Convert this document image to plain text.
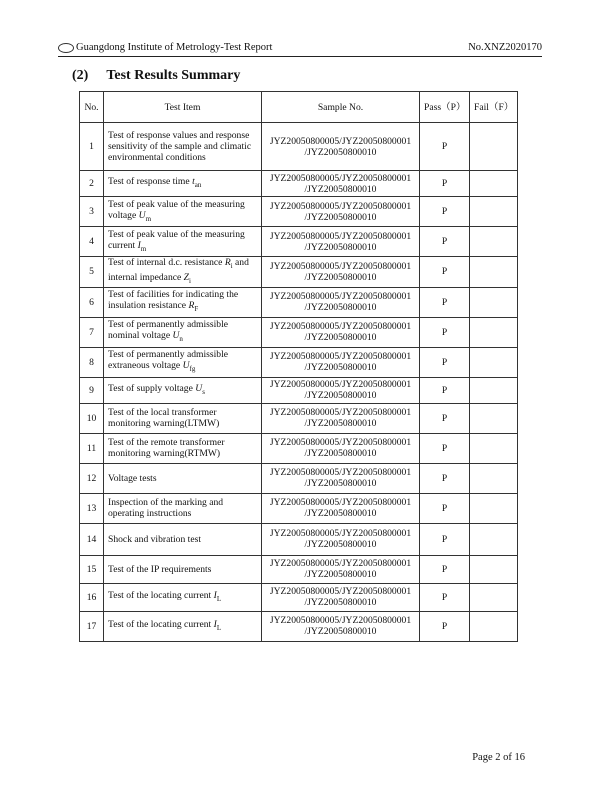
Guangdong Institute of Metrology-Test Report	No.XNZ2020170
(2) Test Results Summary
No.	Test Item	Sample No.	Pass（P）	Fail（F）
1	Test of response values and response sensitivity of the sample and climatic environmental conditions	JYZ20050800005/JYZ20050800001 /JYZ20050800010	P	
2	Test of response time $t_{an}$	JYZ20050800005/JYZ20050800001 /JYZ20050800010	P	
3	Test of peak value of the measuring voltage $U_m$	JYZ20050800005/JYZ20050800001 /JYZ20050800010	P	
4	Test of peak value of the measuring current $I_m$	JYZ20050800005/JYZ20050800001 /JYZ20050800010	P	
5	Test of internal d.c. resistance $R_i$ and internal impedance $Z_i$	JYZ20050800005/JYZ20050800001 /JYZ20050800010	P	
6	Test of facilities for indicating the insulation resistance $R_F$	JYZ20050800005/JYZ20050800001 /JYZ20050800010	P	
7	Test of permanently admissible nominal voltage $U_n$	JYZ20050800005/JYZ20050800001 /JYZ20050800010	P	
8	Test of permanently admissible extraneous voltage $U_{fg}$	JYZ20050800005/JYZ20050800001 /JYZ20050800010	P	
9	Test of supply voltage $U_s$	JYZ20050800005/JYZ20050800001 /JYZ20050800010	P	
10	Test of the local transformer monitoring warning(LTMW)	JYZ20050800005/JYZ20050800001 /JYZ20050800010	P	
11	Test of the remote transformer monitoring warning(RTMW)	JYZ20050800005/JYZ20050800001 /JYZ20050800010	P	
12	Voltage tests	JYZ20050800005/JYZ20050800001 /JYZ20050800010	P	
13	Inspection of the marking and operating instructions	JYZ20050800005/JYZ20050800001 /JYZ20050800010	P	
14	Shock and vibration test	JYZ20050800005/JYZ20050800001 /JYZ20050800010	P	
15	Test of the IP requirements	JYZ20050800005/JYZ20050800001 /JYZ20050800010	P	
16	Test of the locating current $I_L$	JYZ20050800005/JYZ20050800001 /JYZ20050800010	P	
17	Test of the locating current $I_L$	JYZ20050800005/JYZ20050800001 /JYZ20050800010	P	
Page 2 of 16
